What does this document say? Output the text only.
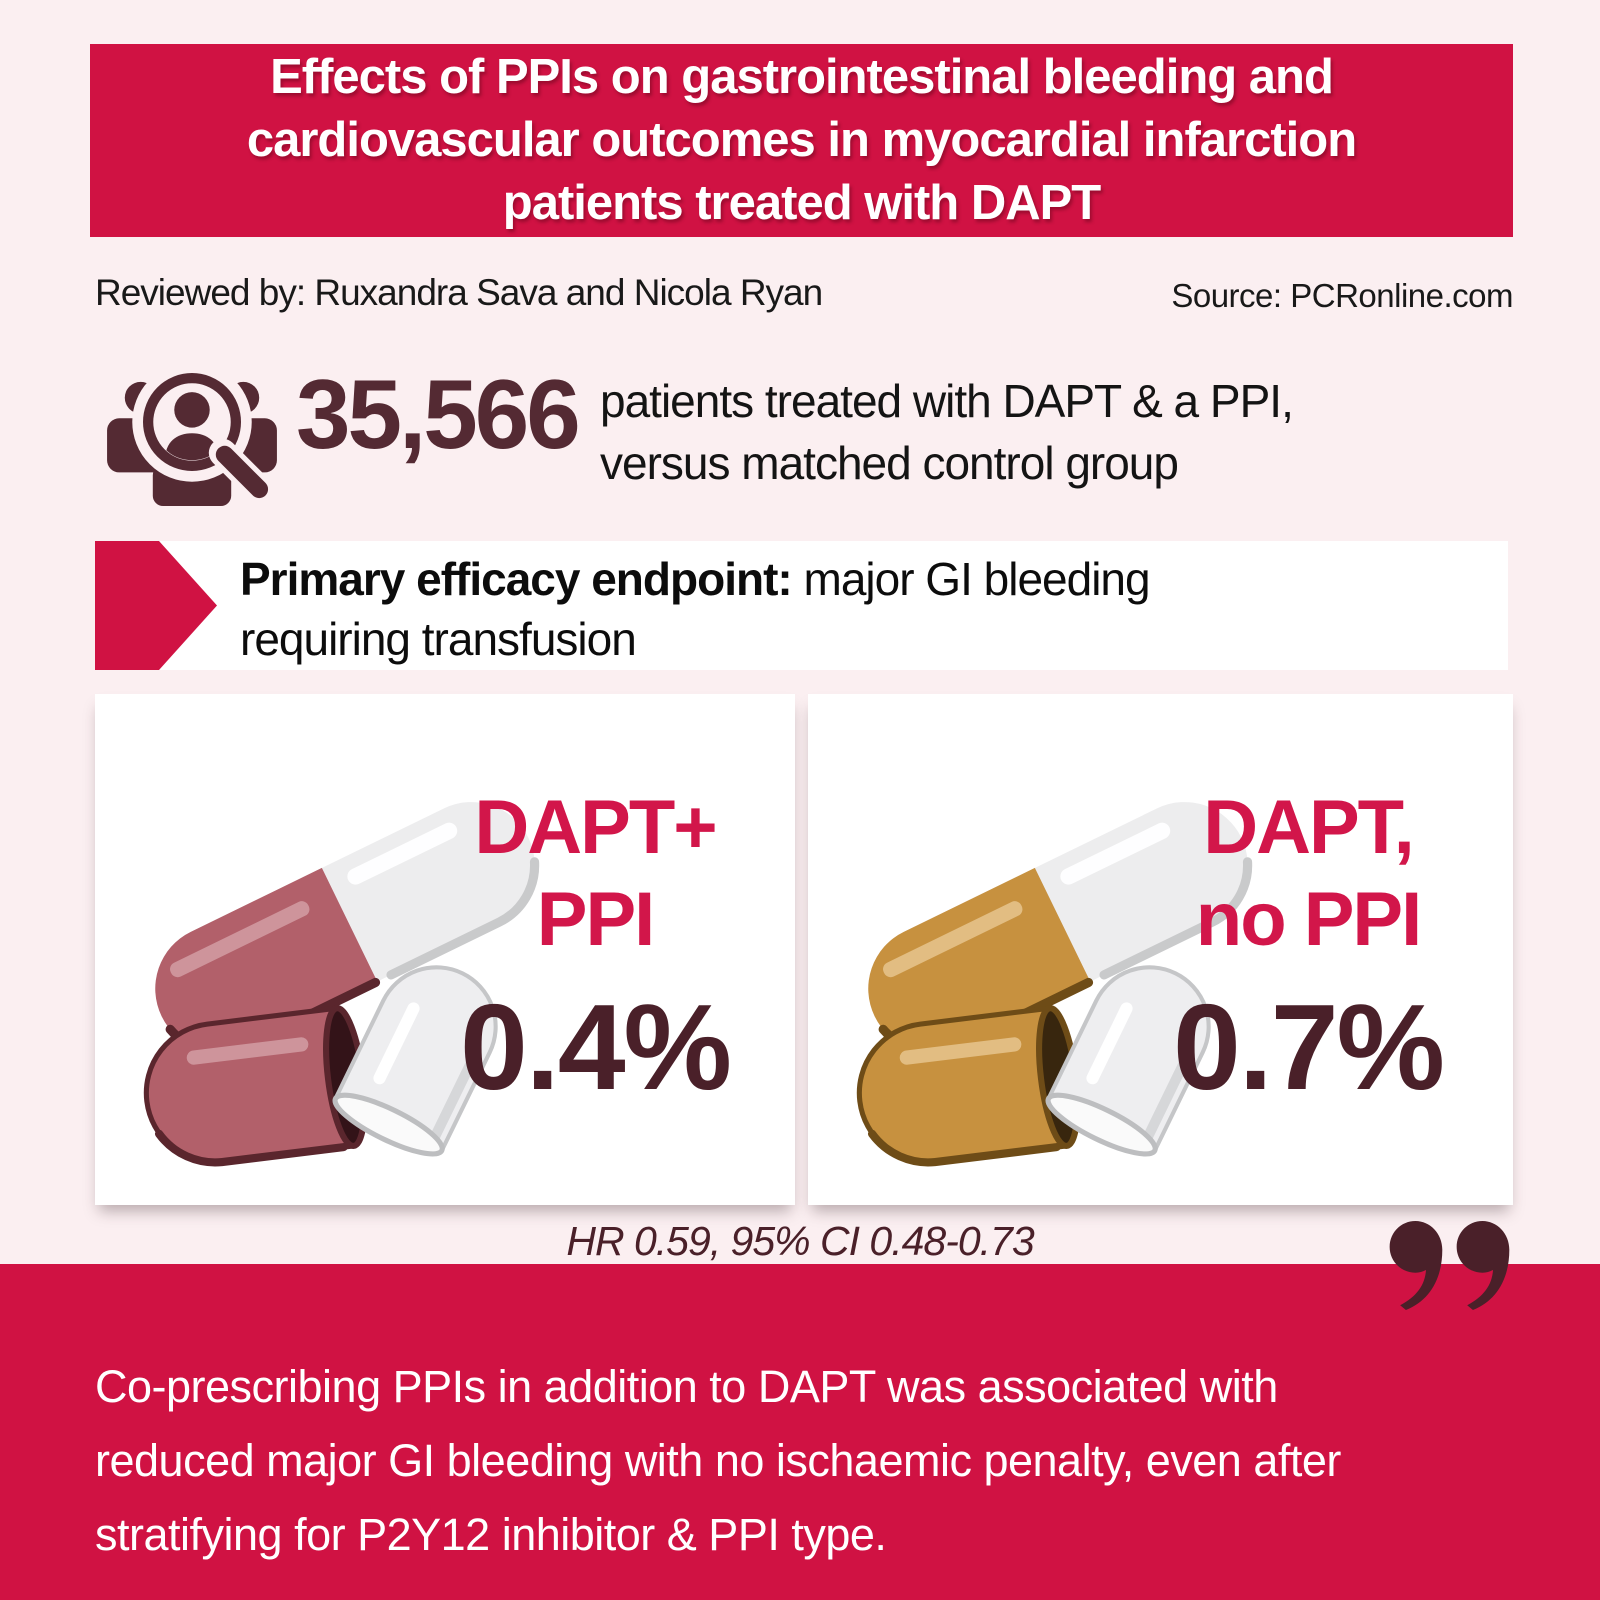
Effects of PPIs on gastrointestinal bleeding and
cardiovascular outcomes in myocardial infarction
patients treated with DAPT
Reviewed by: Ruxandra Sava and Nicola Ryan	Source: PCRonline.com
35,566 patients treated with DAPT & a PPI,
versus matched control group
Primary efficacy endpoint: major GI bleeding
requiring transfusion
DAPT+
PPI
0.4%
DAPT,
no PPI
0.7%
HR 0.59, 95% CI 0.48-0.73
Co-prescribing PPIs in addition to DAPT was associated with
reduced major GI bleeding with no ischaemic penalty, even after
stratifying for P2Y12 inhibitor & PPI type.
